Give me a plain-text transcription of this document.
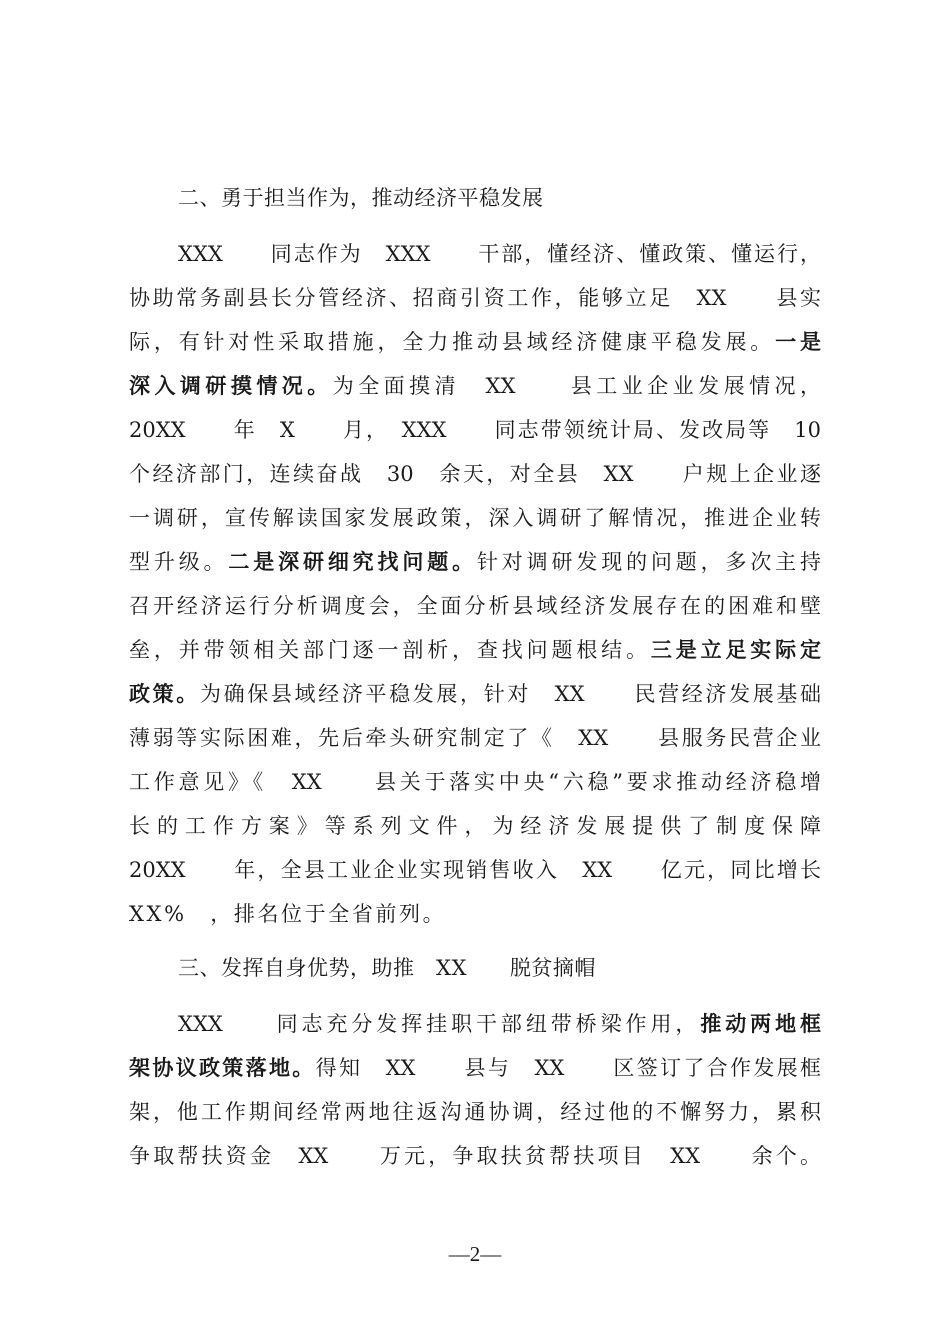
二、勇于担当作为，推动经济平稳发展
XXX　　同志作为　XXX　　干部，懂经济、懂政策、懂运行，
协助常务副县长分管经济、招商引资工作，能够立足　XX　　县实
际，有针对性采取措施，全力推动县域经济健康平稳发展。一是
深入调研摸情况。为全面摸清　XX　　县工业企业发展情况，
20XX　　年　X　　月，　XXX　　同志带领统计局、发改局等　10
个经济部门，连续奋战　30　余天，对全县　XX　　户规上企业逐
一调研，宣传解读国家发展政策，深入调研了解情况，推进企业转
型升级。二是深研细究找问题。针对调研发现的问题，多次主持
召开经济运行分析调度会，全面分析县域经济发展存在的困难和壁
垒，并带领相关部门逐一剖析，查找问题根结。三是立足实际定
政策。为确保县域经济平稳发展，针对　XX　　民营经济发展基础
薄弱等实际困难，先后牵头研究制定了《　XX　　县服务民营企业
工作意见》《　XX　　县关于落实中央“六稳”要求推动经济稳增
长的工作方案》等系列文件，为经济发展提供了制度保障
20XX　　年，全县工业企业实现销售收入　XX　　亿元，同比增长
XX%　，排名位于全省前列。
三、发挥自身优势，助推　XX　　脱贫摘帽
XXX　　同志充分发挥挂职干部纽带桥梁作用，推动两地框
架协议政策落地。得知　XX　　县与　XX　　区签订了合作发展框
架，他工作期间经常两地往返沟通协调，经过他的不懈努力，累积
争取帮扶资金　XX　　万元，争取扶贫帮扶项目　XX　　余个。
—2—
